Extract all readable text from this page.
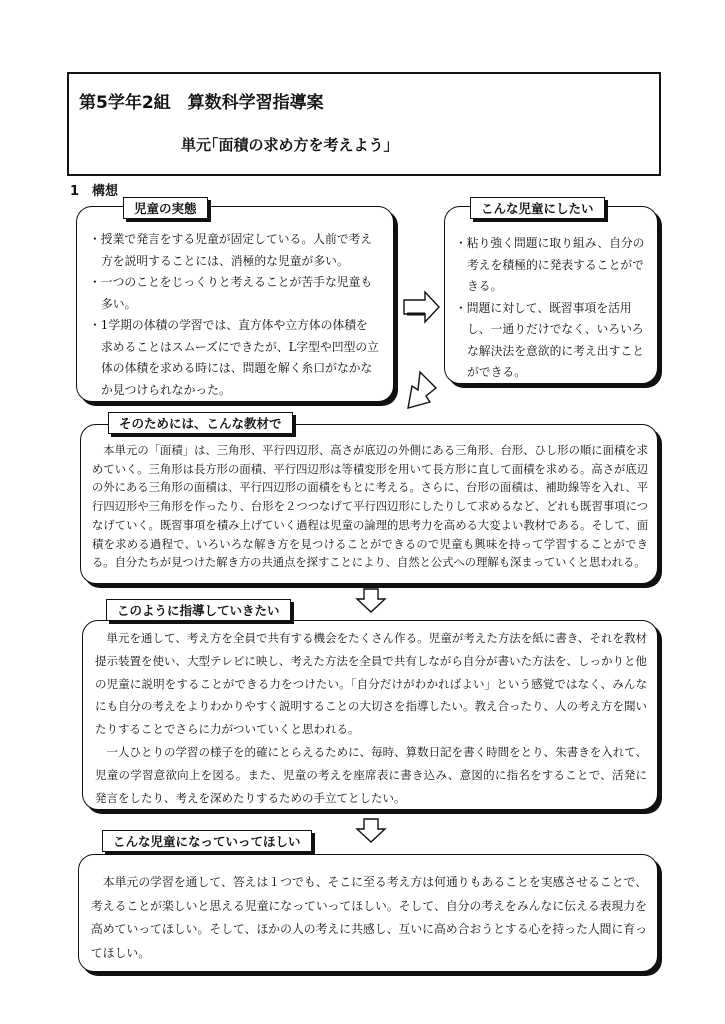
第5学年2組　算数科学習指導案
単元｢面積の求め方を考えよう｣
1　構想

・授業で発言をする児童が固定している。人前で考え方を説明することには、消極的な児童が多い。

・一つのことをじっくりと考えることが苦手な児童も多い。

・1学期の体積の学習では、直方体や立方体の体積を求めることはスムーズにできたが、L字型や凹型の立体の体積を求める時には、問題を解く糸口がなかなか見つけられなかった。

児童の実態

・粘り強く問題に取り組み、自分の考えを積極的に発表することができる。

・問題に対して、既習事項を活用し、一通りだけでなく、いろいろな解決法を意欲的に考え出すことができる。

こんな児童にしたい

本単元の「面積」は、三角形、平行四辺形、高さが底辺の外側にある三角形、台形、ひし形の順に面積を求めていく。三角形は長方形の面積、平行四辺形は等積変形を用いて長方形に直して面積を求める。高さが底辺の外にある三角形の面積は、平行四辺形の面積をもとに考える。さらに、台形の面積は、補助線等を入れ、平行四辺形や三角形を作ったり、台形を２つつなげて平行四辺形にしたりして求めるなど、どれも既習事項につなげていく。既習事項を積み上げていく過程は児童の論理的思考力を高める大変よい教材である。そして、面積を求める過程で、いろいろな解き方を見つけることができるので児童も興味を持って学習することができる。自分たちが見つけた解き方の共通点を探すことにより、自然と公式への理解も深まっていくと思われる。

そのためには、こんな教材で

単元を通して、考え方を全員で共有する機会をたくさん作る。児童が考えた方法を紙に書き、それを教材提示装置を使い、大型テレビに映し、考えた方法を全員で共有しながら自分が書いた方法を、しっかりと他の児童に説明をすることができる力をつけたい。「自分だけがわかればよい」という感覚ではなく、みんなにも自分の考えをよりわかりやすく説明することの大切さを指導したい。教え合ったり、人の考え方を聞いたりすることでさらに力がついていくと思われる。

一人ひとりの学習の様子を的確にとらえるために、毎時、算数日記を書く時間をとり、朱書きを入れて、児童の学習意欲向上を図る。また、児童の考えを座席表に書き込み、意図的に指名をすることで、活発に発言をしたり、考えを深めたりするための手立てとしたい。

このように指導していきたい

本単元の学習を通して、答えは１つでも、そこに至る考え方は何通りもあることを実感させることで、考えることが楽しいと思える児童になっていってほしい。そして、自分の考えをみんなに伝える表現力を高めていってほしい。そして、ほかの人の考えに共感し、互いに高め合おうとする心を持った人間に育ってほしい。

こんな児童になっていってほしい
